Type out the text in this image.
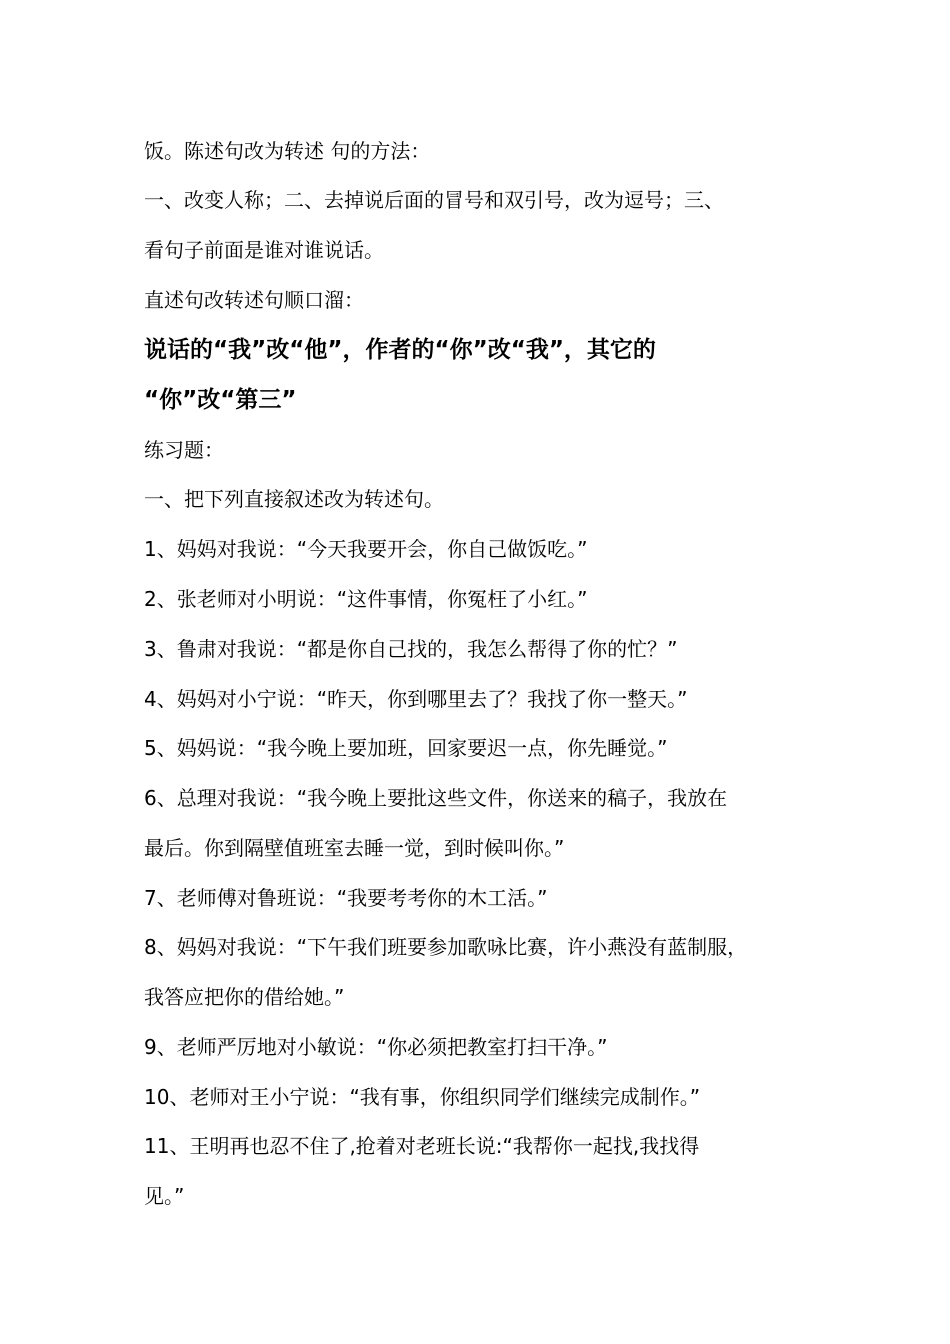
饭。陈述句改为转述 句的方法：
一、改变人称；二、去掉说后面的冒号和双引号，改为逗号；三、
看句子前面是谁对谁说话。
直述句改转述句顺口溜：
说话的“我”改“他”，作者的“你”改“我”，其它的
“你”改“第三”
练习题：
一、把下列直接叙述改为转述句。
1、妈妈对我说：“今天我要开会，你自己做饭吃。”
2、张老师对小明说：“这件事情，你冤枉了小红。”
3、鲁肃对我说：“都是你自己找的，我怎么帮得了你的忙？”
4、妈妈对小宁说：“昨天，你到哪里去了？我找了你一整天。”
5、妈妈说：“我今晚上要加班，回家要迟一点，你先睡觉。”
6、总理对我说：“我今晚上要批这些文件，你送来的稿子，我放在
最后。你到隔壁值班室去睡一觉，到时候叫你。”
7、老师傅对鲁班说：“我要考考你的木工活。”
8、妈妈对我说：“下午我们班要参加歌咏比赛，许小燕没有蓝制服，
我答应把你的借给她。”
9、老师严厉地对小敏说：“你必须把教室打扫干净。”
10、老师对王小宁说：“我有事，你组织同学们继续完成制作。”
11、王明再也忍不住了,抢着对老班长说:“我帮你一起找,我找得
见。”
